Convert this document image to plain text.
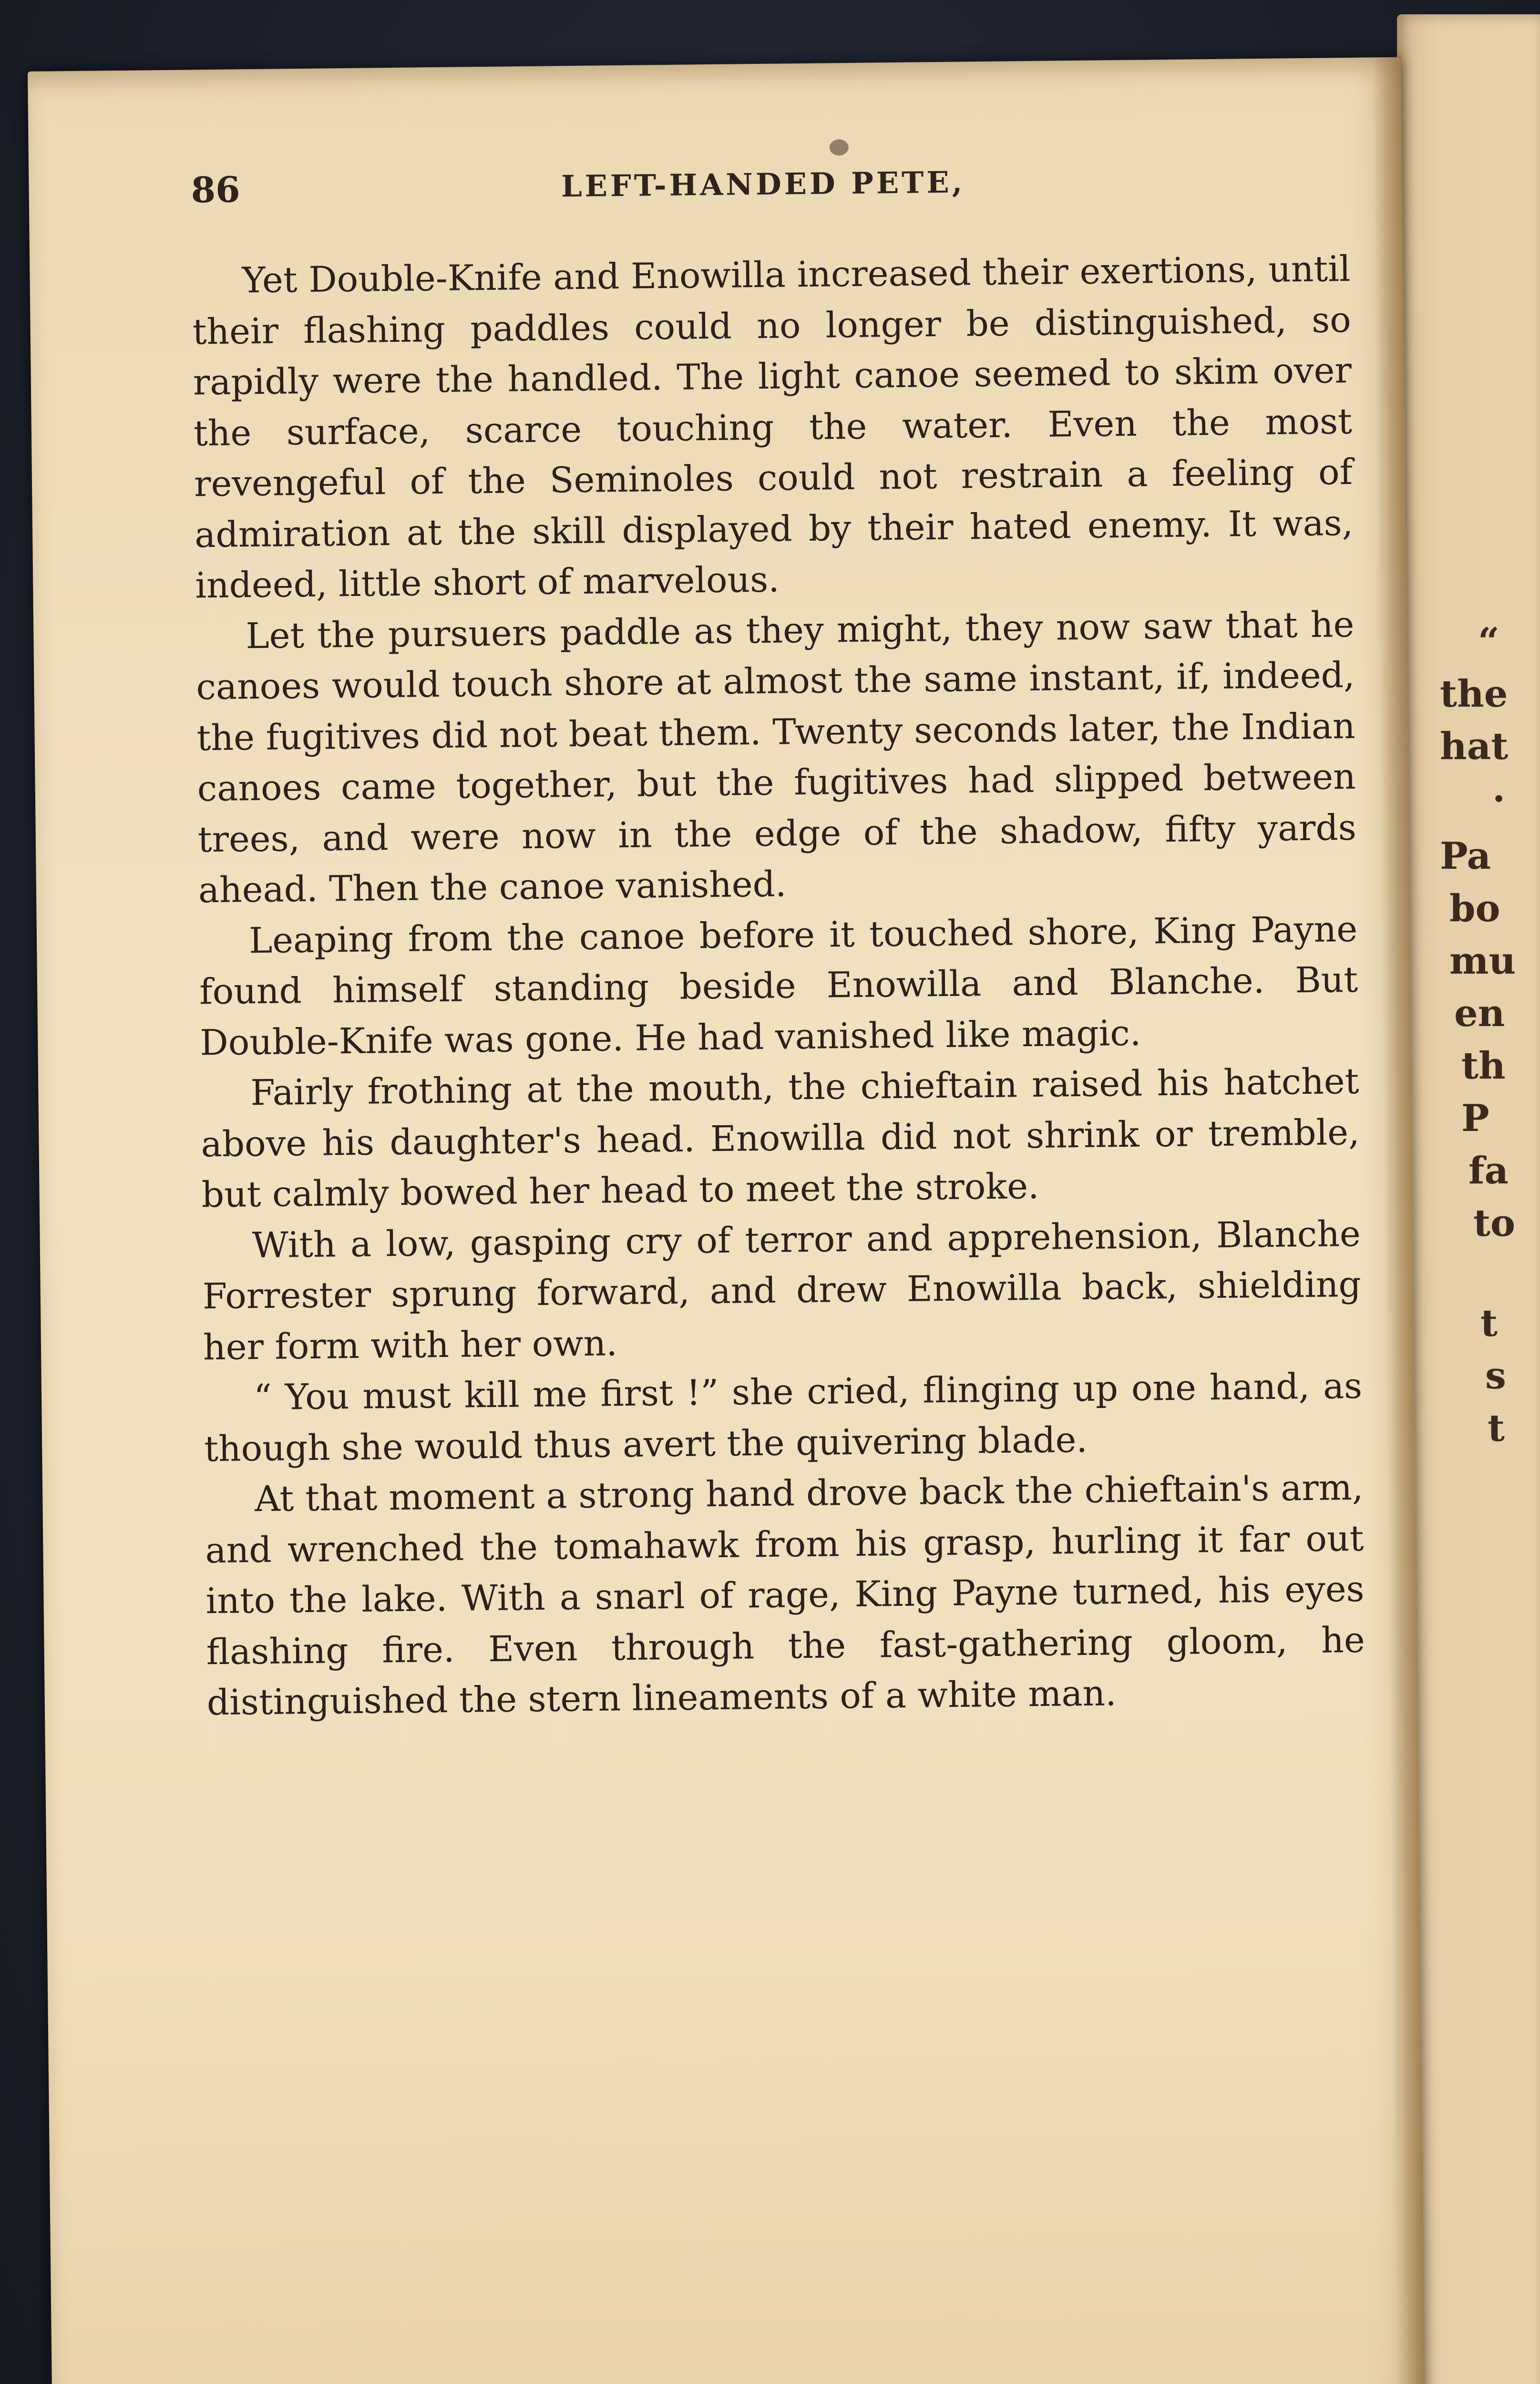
“
the
hat
·
Pa
bo
mu
en
th
P
fa
to
t
s
t
86	LEFT-HANDED PETE,

Yet Double-Knife and Enowilla increased their exertions, until their flashing paddles could no longer be distinguished, so rapidly were the handled. The light canoe seemed to skim over the surface, scarce touching the water. Even the most revengeful of the Seminoles could not restrain a feeling of admiration at the skill displayed by their hated enemy. It was, indeed, little short of marvelous.

Let the pursuers paddle as they might, they now saw that he canoes would touch shore at almost the same instant, if, indeed, the fugitives did not beat them. Twenty seconds later, the Indian canoes came together, but the fugitives had slipped between trees, and were now in the edge of the shadow, fifty yards ahead. Then the canoe vanished.

Leaping from the canoe before it touched shore, King Payne found himself standing beside Enowilla and Blanche. But Double-Knife was gone. He had vanished like magic.

Fairly frothing at the mouth, the chieftain raised his hatchet above his daughter's head. Enowilla did not shrink or tremble, but calmly bowed her head to meet the stroke.

With a low, gasping cry of terror and apprehension, Blanche Forrester sprung forward, and drew Enowilla back, shielding her form with her own.

“ You must kill me first !” she cried, flinging up one hand, as though she would thus avert the quivering blade.

At that moment a strong hand drove back the chieftain's arm, and wrenched the tomahawk from his grasp, hurling it far out into the lake. With a snarl of rage, King Payne turned, his eyes flashing fire. Even through the fast-gathering gloom, he distinguished the stern lineaments of a white man.
